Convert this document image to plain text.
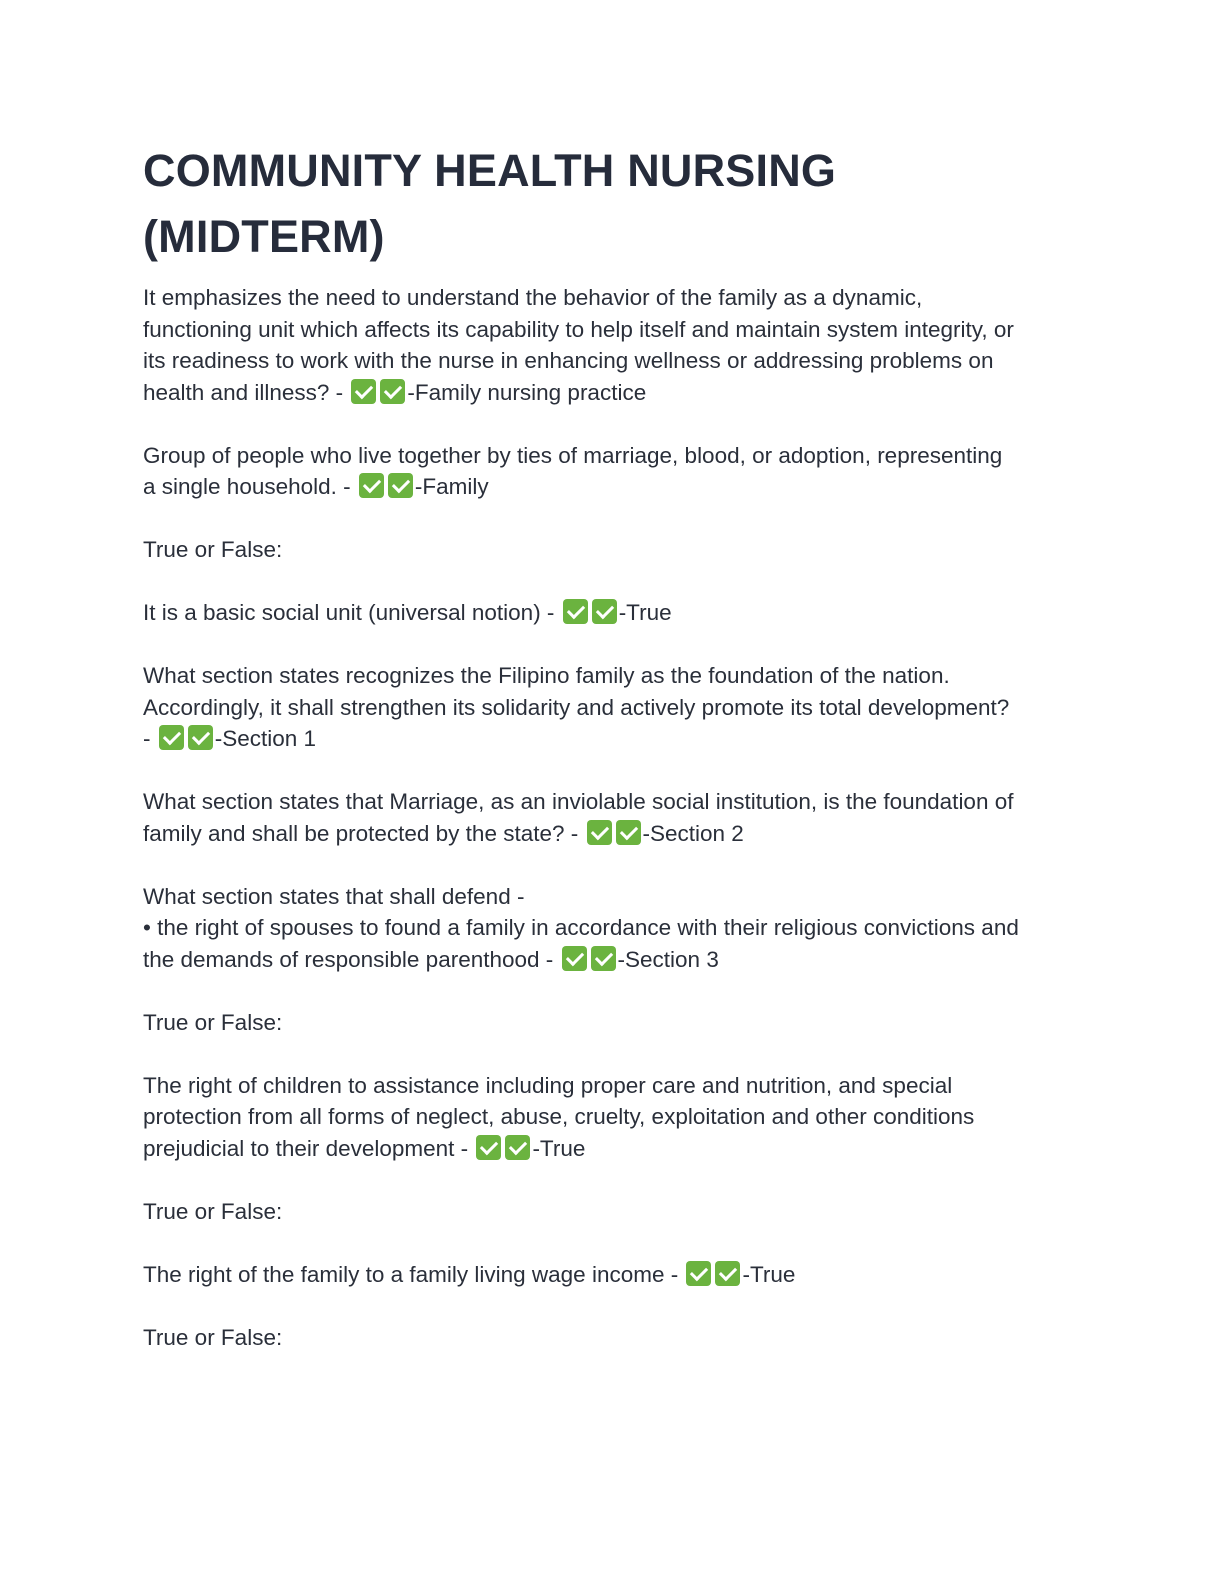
COMMUNITY HEALTH NURSING
(MIDTERM)
It emphasizes the need to understand the behavior of the family as a dynamic,
functioning unit which affects its capability to help itself and maintain system integrity, or
its readiness to work with the nurse in enhancing wellness or addressing problems on
health and illness? -	-Family nursing practice
Group of people who live together by ties of marriage, blood, or adoption, representing
a single household. -	-Family
True or False:
It is a basic social unit (universal notion) -	-True
What section states recognizes the Filipino family as the foundation of the nation.
Accordingly, it shall strengthen its solidarity and actively promote its total development?
-	-Section 1
What section states that Marriage, as an inviolable social institution, is the foundation of
family and shall be protected by the state? -	-Section 2
What section states that shall defend -
• the right of spouses to found a family in accordance with their religious convictions and
the demands of responsible parenthood -	-Section 3
True or False:
The right of children to assistance including proper care and nutrition, and special
protection from all forms of neglect, abuse, cruelty, exploitation and other conditions
prejudicial to their development -	-True
True or False:
The right of the family to a family living wage income -	-True
True or False:
